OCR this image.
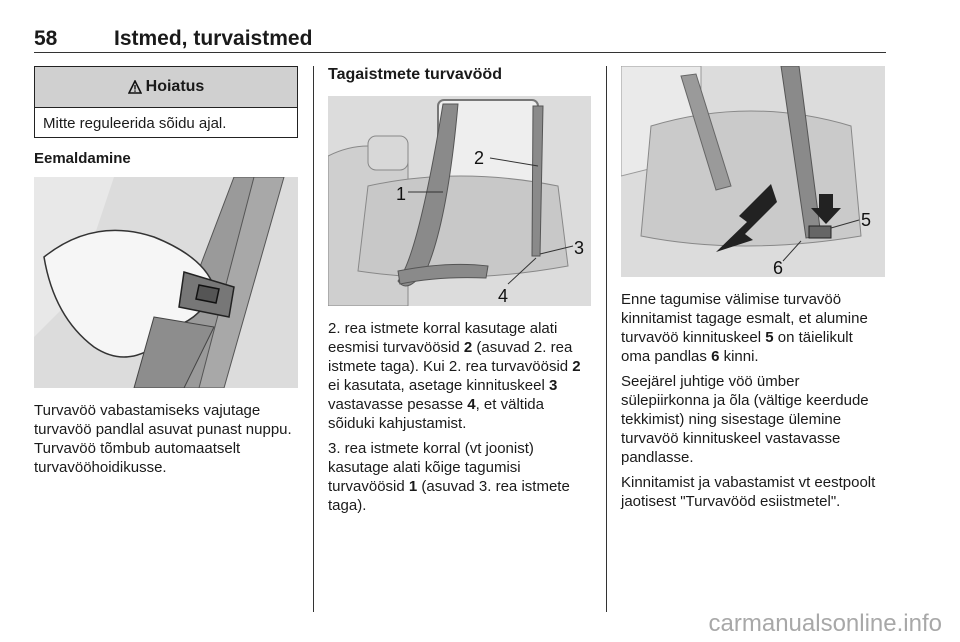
58	Istmed, turvaistmed
Hoiatus
Mitte reguleerida sõidu ajal.
Eemaldamine
Turvavöö vabastamiseks vajutage turvavöö pandlal asuvat punast nuppu. Turvavöö tõmbub automaatselt turvavööhoidikusse.
Tagaistmete turvavööd
1
2
3
4

2. rea istmete korral kasutage alati eesmisi turvavöösid 2 (asuvad 2. rea istmete taga). Kui 2. rea turvavöösid 2 ei kasutata, asetage kinnituskeel 3 vastavasse pesasse 4, et vältida sõiduki kahjustamist.

3. rea istmete korral (vt joonist) kasutage alati kõige tagumisi turvavöösid 1 (asuvad 3. rea istmete taga).

5
6

Enne tagumise välimise turvavöö kinnitamist tagage esmalt, et alumine turvavöö kinnituskeel 5 on täielikult oma pandlas 6 kinni.

Seejärel juhtige vöö ümber sülepiirkonna ja õla (vältige keerdude tekkimist) ning sisestage ülemine turvavöö kinnituskeel vastavasse pandlasse.

Kinnitamist ja vabastamist vt eestpoolt jaotisest "Turvavööd esiistmetel".

carmanualsonline.info
